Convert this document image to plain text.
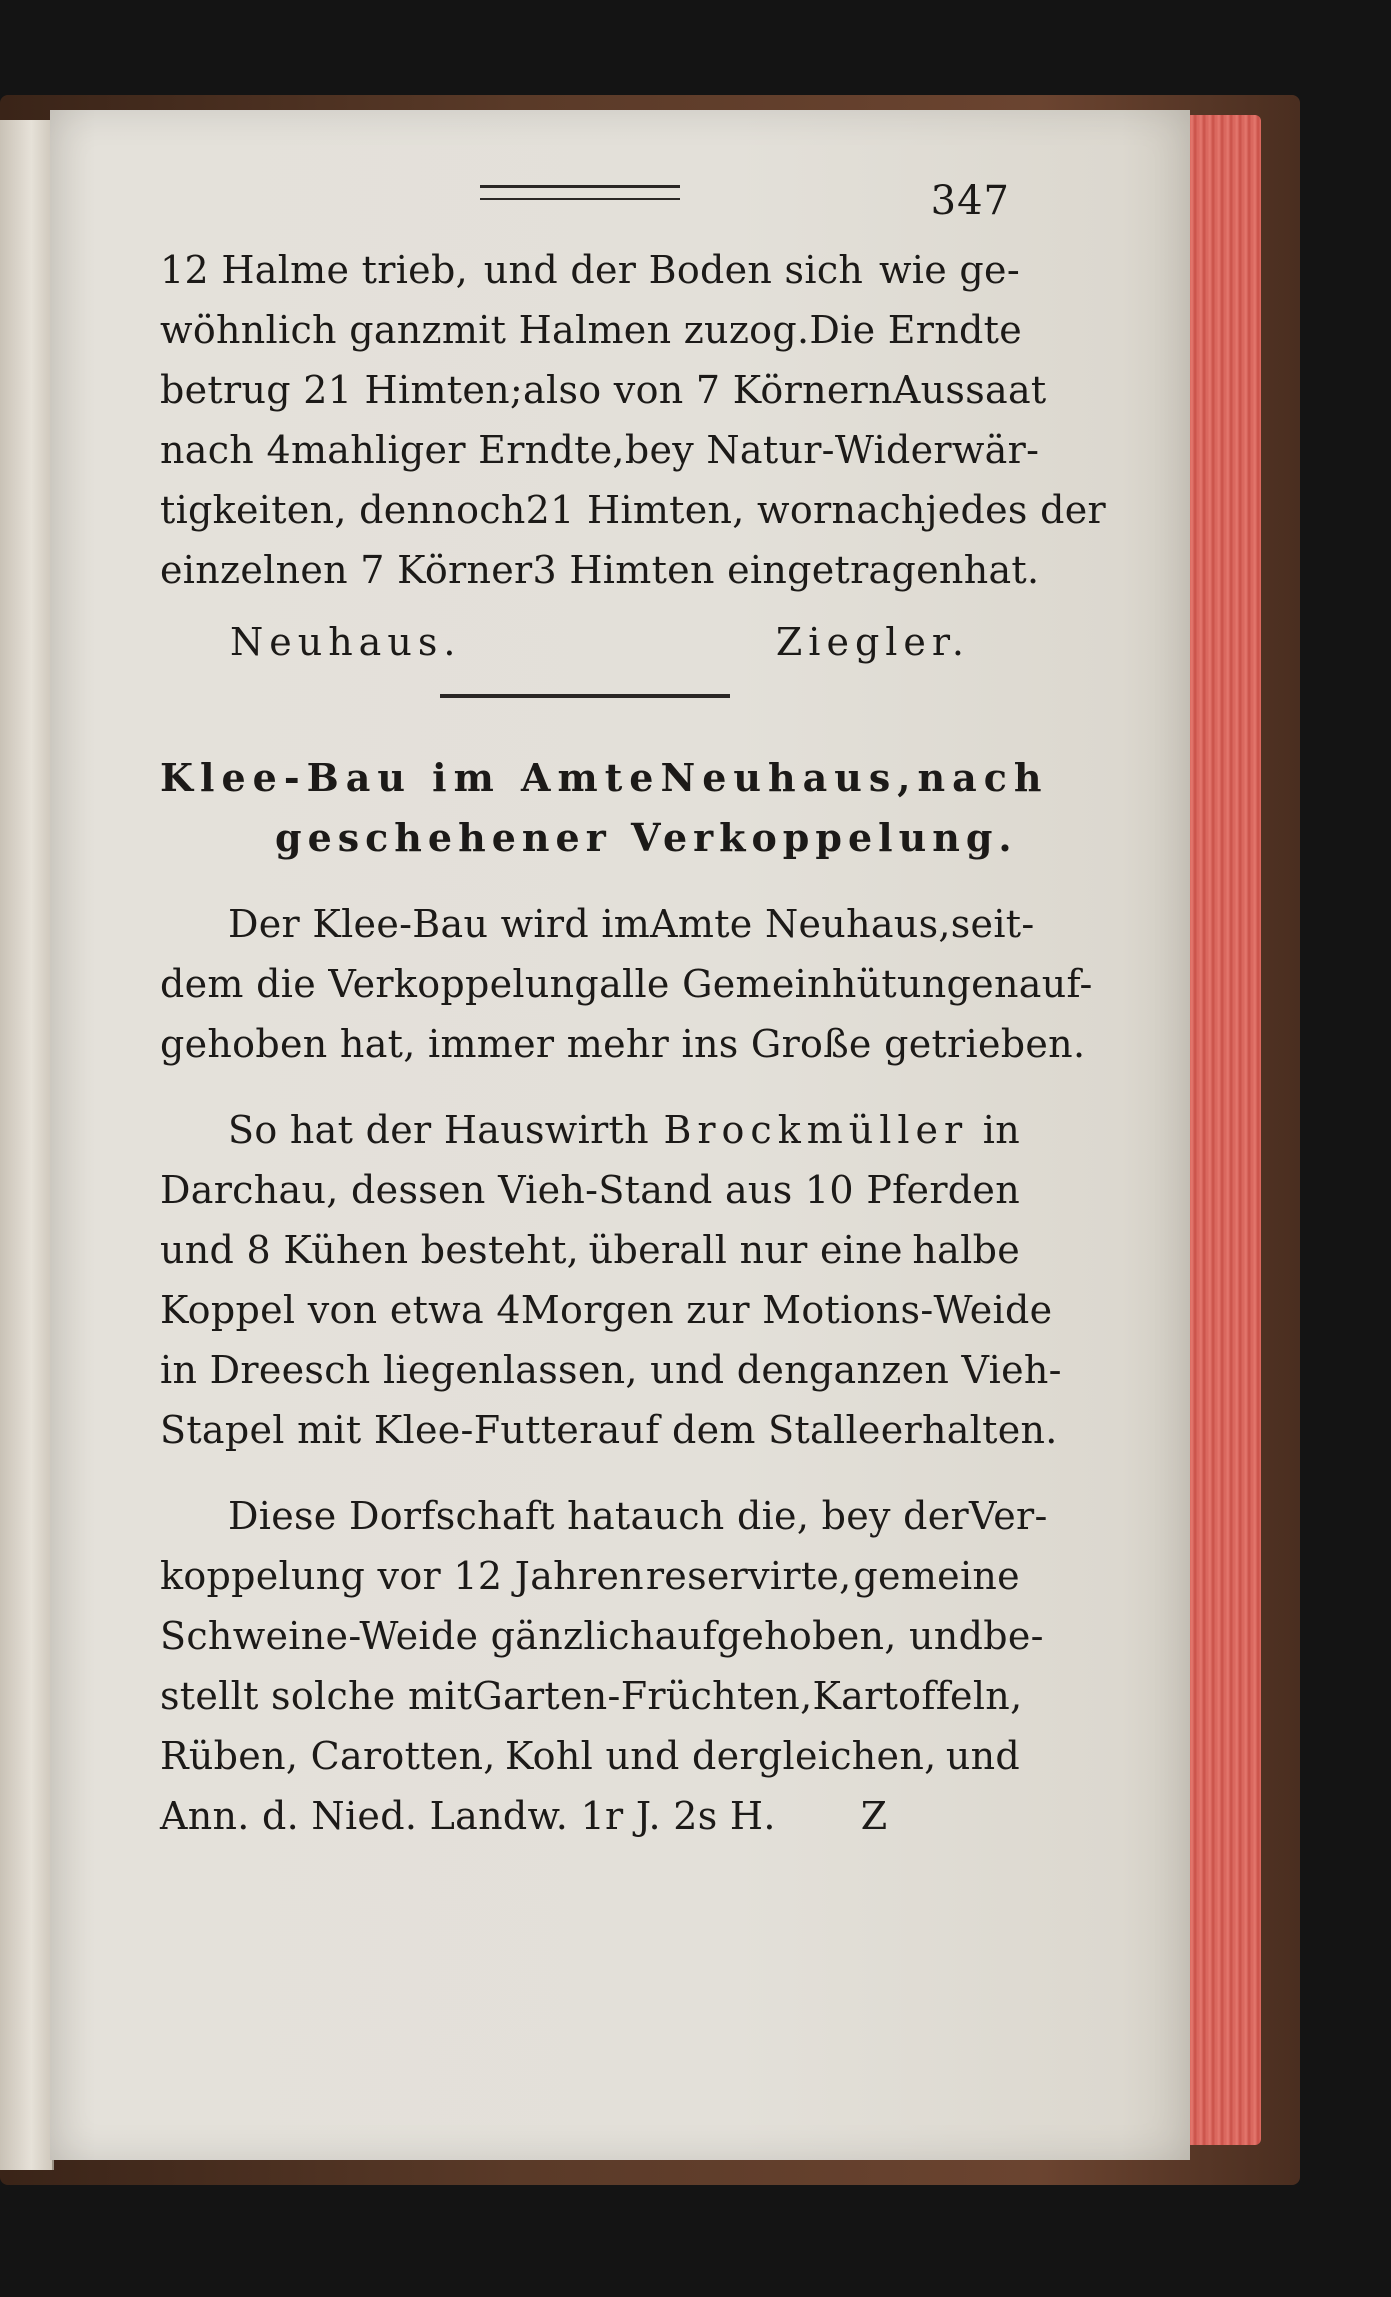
347
12 Halme trieb, und der Boden sich wie ge-
wöhnlich ganz mit Halmen zuzog. Die Erndte
betrug 21 Himten; also von 7 Körnern Aussaat
nach 4mahliger Erndte, bey Natur- Widerwär-
tigkeiten, dennoch 21 Himten, wornach jedes der
einzelnen 7 Körner 3 Himten eingetragen hat.
Neuhaus.	Ziegler.
Klee-Bau im Amte Neuhaus, nach
geschehener Verkoppelung.
Der Klee-Bau wird im Amte Neuhaus, seit-
dem die Verkoppelung alle Gemeinhütungen auf-
gehoben hat, immer mehr ins Große getrieben.
So hat der Hauswirth Brockmüller in
Darchau, dessen Vieh-Stand aus 10 Pferden
und 8 Kühen besteht, überall nur eine halbe
Koppel von etwa 4 Morgen zur Motions- Weide
in Dreesch liegen lassen, und den ganzen Vieh-
Stapel mit Klee-Futter auf dem Stalle erhalten.
Diese Dorfschaft hat auch die, bey der Ver-
koppelung vor 12 Jahren reservirte, gemeine
Schweine-Weide gänzlich aufgehoben, und be-
stellt solche mit Garten-Früchten, Kartoffeln,
Rüben, Carotten, Kohl und dergleichen, und
Ann. d. Nied. Landw. 1r J. 2s H. Z
